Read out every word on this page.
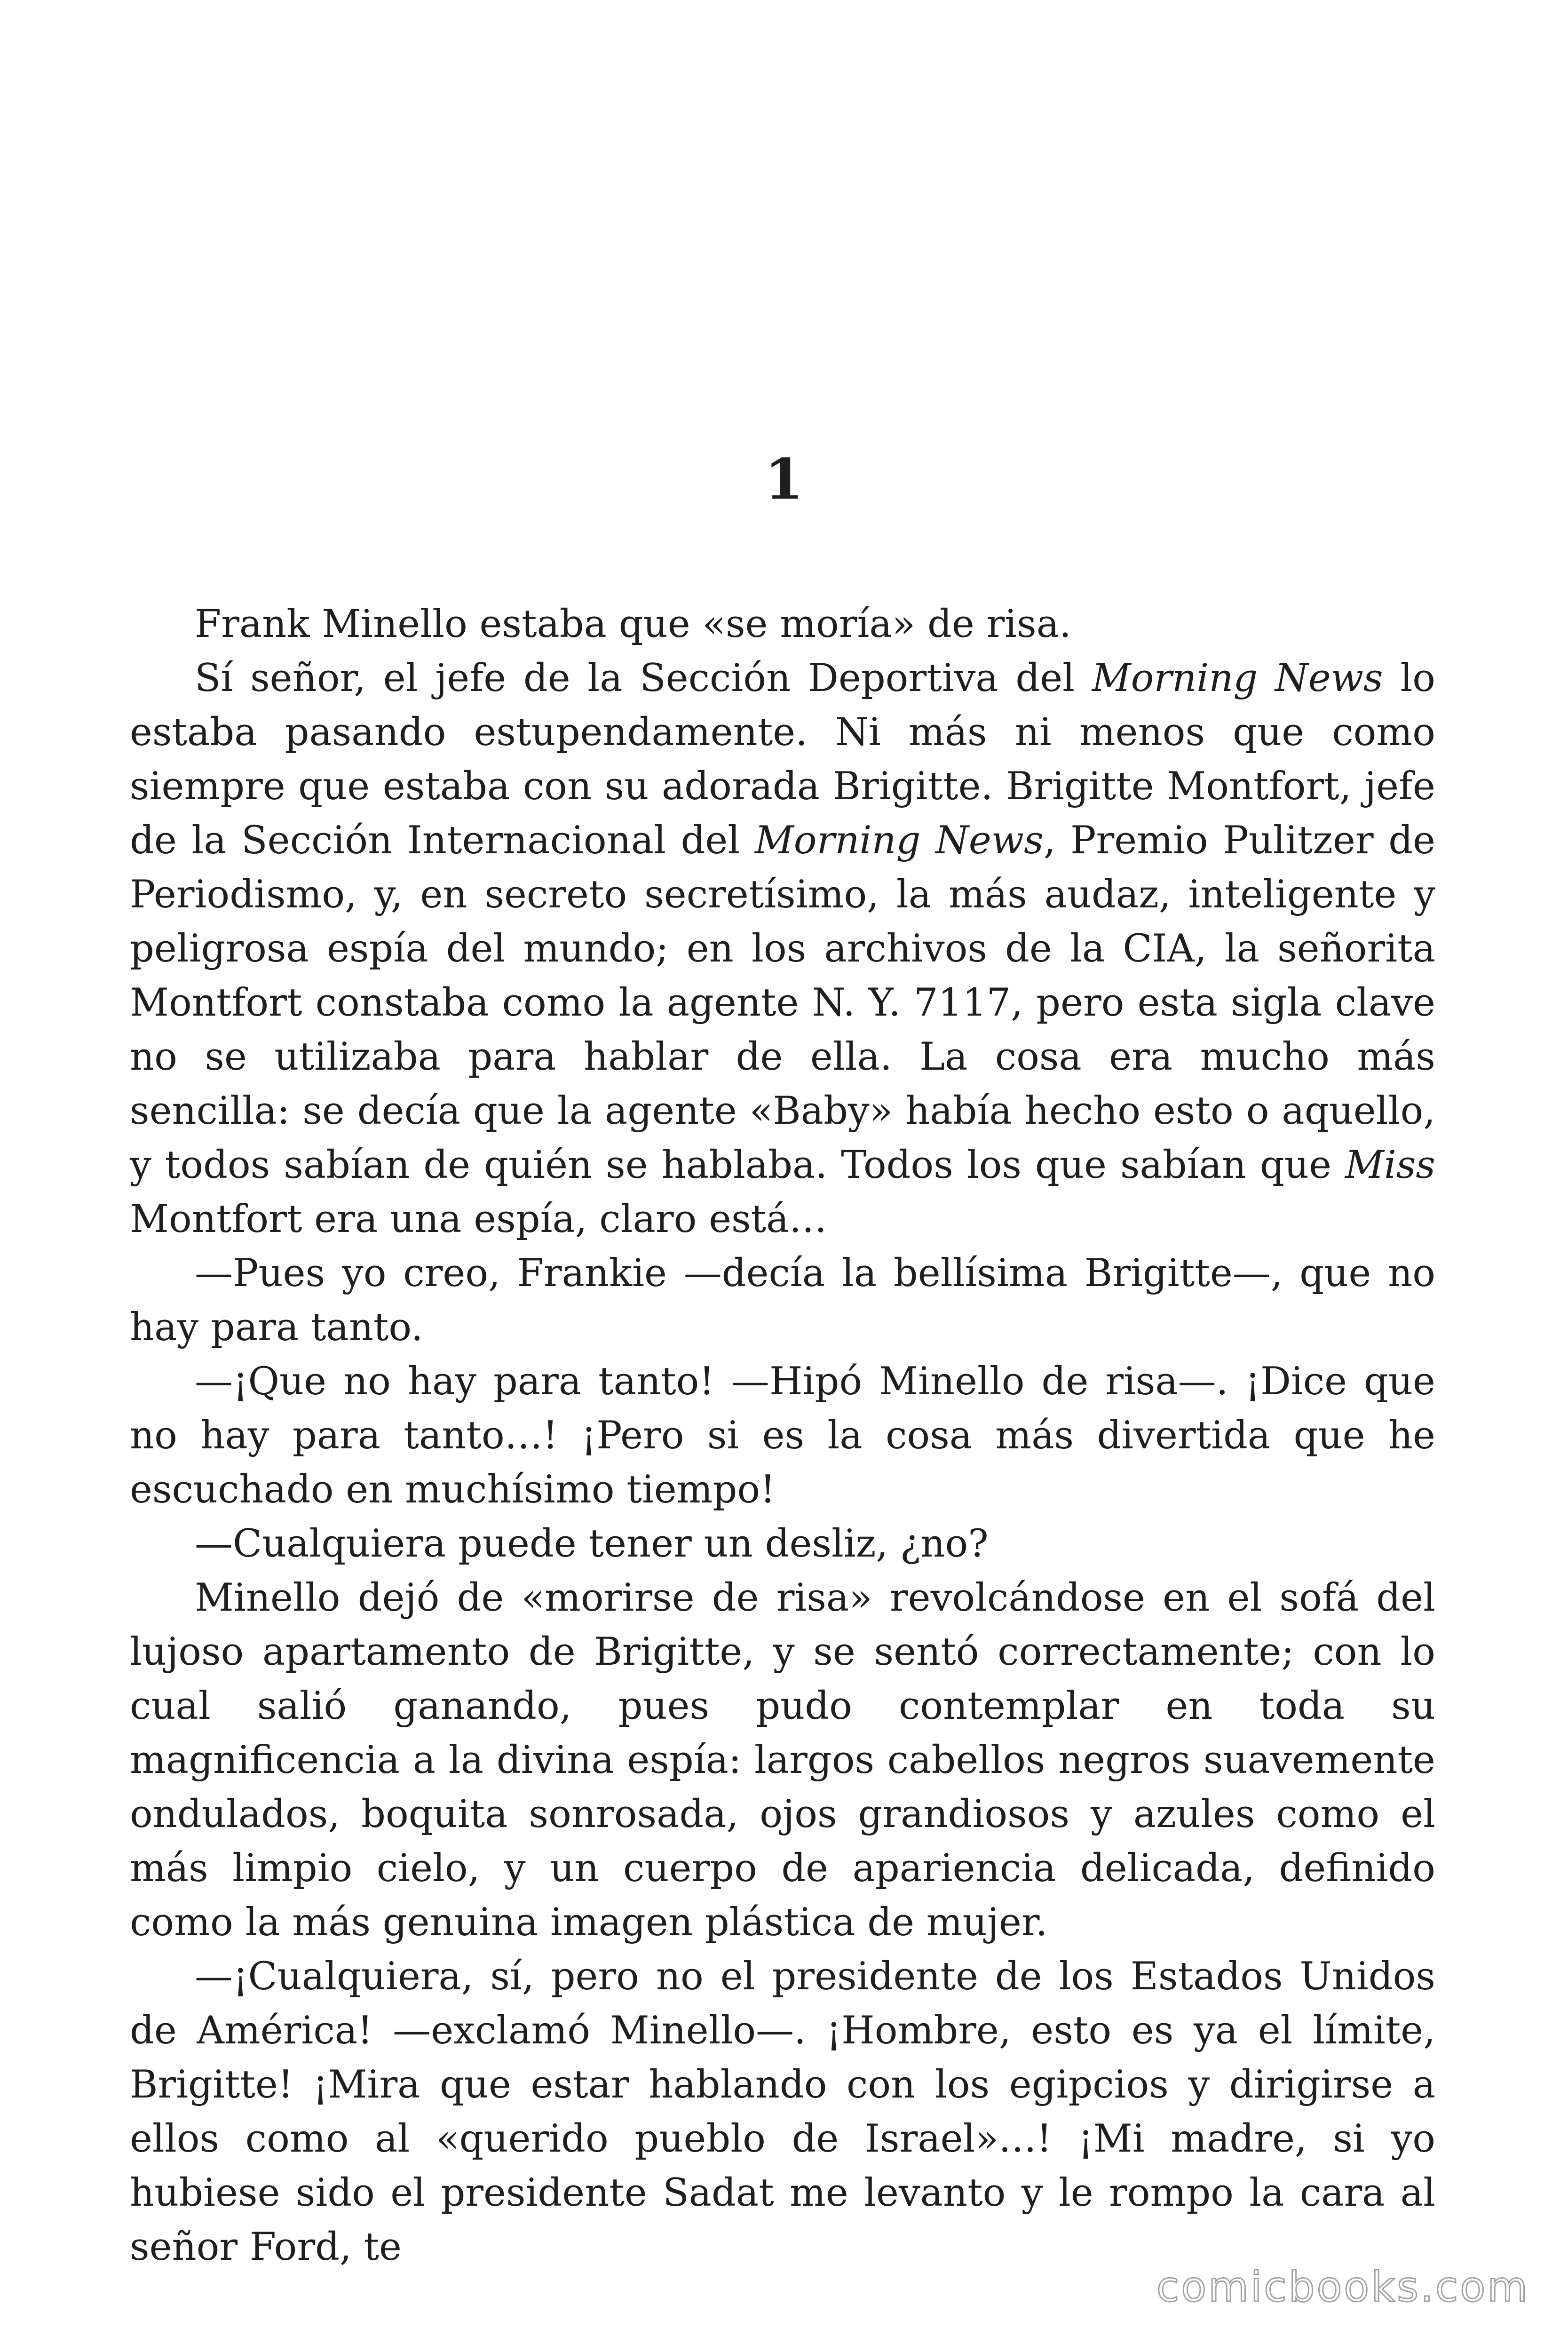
1

Frank Minello estaba que «se moría» de risa.

Sí señor, el jefe de la Sección Deportiva del Morning News lo estaba pasando estupendamente. Ni más ni menos que como siempre que estaba con su adorada Brigitte. Brigitte Montfort, jefe de la Sección Internacional del Morning News, Premio Pulitzer de Periodismo, y, en secreto secretísimo, la más audaz, inteligente y peligrosa espía del mundo; en los archivos de la CIA, la señorita Montfort constaba como la agente N. Y. 7117, pero esta sigla clave no se utilizaba para hablar de ella. La cosa era mucho más sencilla: se decía que la agente «Baby» había hecho esto o aquello, y todos sabían de quién se hablaba. Todos los que sabían que Miss Montfort era una espía, claro está…

—Pues yo creo, Frankie —decía la bellísima Brigitte—, que no hay para tanto.

—¡Que no hay para tanto! —Hipó Minello de risa—. ¡Dice que no hay para tanto…! ¡Pero si es la cosa más divertida que he escuchado en muchísimo tiempo!

—Cualquiera puede tener un desliz, ¿no?

Minello dejó de «morirse de risa» revolcándose en el sofá del lujoso apartamento de Brigitte, y se sentó correctamente; con lo cual salió ganando, pues pudo contemplar en toda su magnificencia a la divina espía: largos cabellos negros suavemente ondulados, boquita sonrosada, ojos grandiosos y azules como el más limpio cielo, y un cuerpo de apariencia delicada, definido como la más genuina imagen plástica de mujer.

—¡Cualquiera, sí, pero no el presidente de los Estados Unidos de América! —exclamó Minello—. ¡Hombre, esto es ya el límite, Brigitte! ¡Mira que estar hablando con los egipcios y dirigirse a ellos como al «querido pueblo de Israel»…! ¡Mi madre, si yo hubiese sido el presidente Sadat me levanto y le rompo la cara al señor Ford, te

comicbooks.com
